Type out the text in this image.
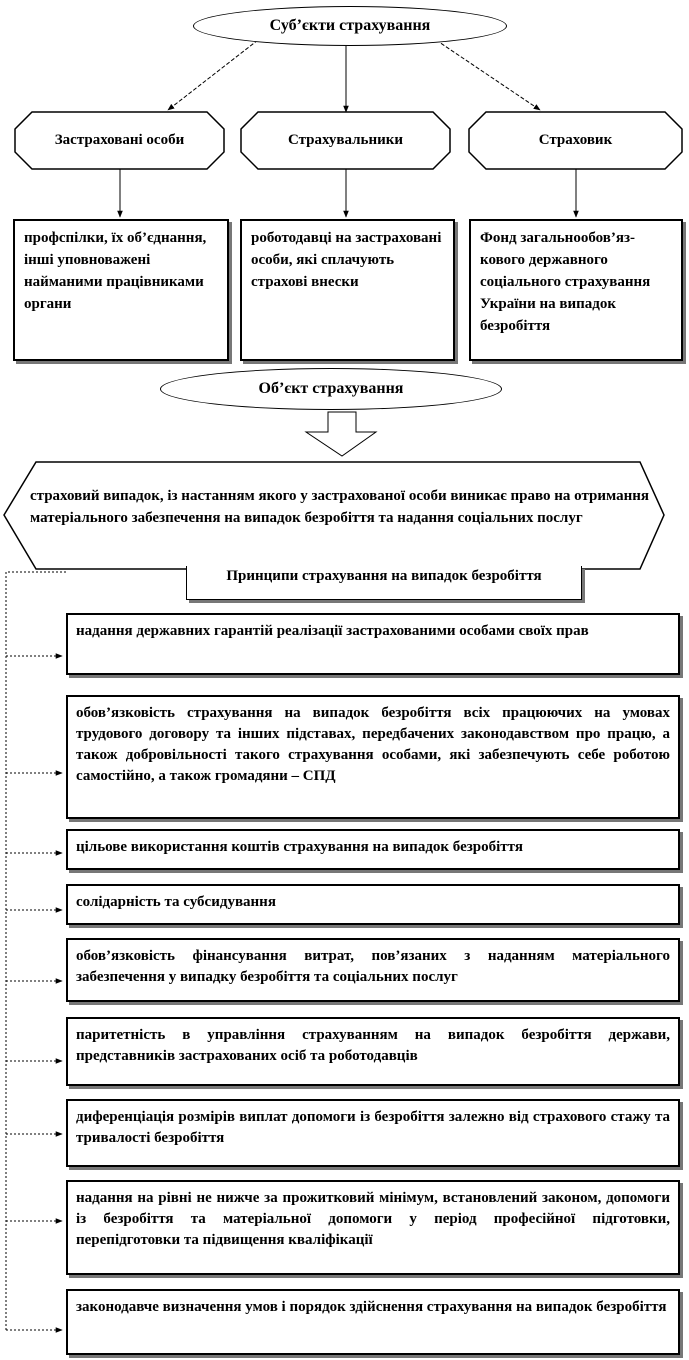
Суб’єкти страхування
Застраховані особи	Страхувальники	Страховик
профспілки, їх об’єднання, інші уповноважені найманими працівниками органи
роботодавці на застраховані особи, які сплачують страхові внески
Фонд загальнообов’яз-кового державного соціального страхування України на випадок безробіття
Об’єкт страхування
страховий випадок, із настанням якого у застрахованої особи виникає право на отримання матеріального забезпечення на випадок безробіття та надання соціальних послуг
Принципи страхування на випадок безробіття
надання державних гарантій реалізації застрахованими особами своїх прав
обов’язковість страхування на випадок безробіття всіх працюючих на умовах трудового договору та інших підставах, передбачених законодавством про працю, а також добровільності такого страхування особами, які забезпечують себе роботою самостійно, а також громадяни – СПД
цільове використання коштів страхування на випадок безробіття
солідарність та субсидування
обов’язковість фінансування витрат, пов’язаних з наданням матеріального забезпечення у випадку безробіття та соціальних послуг
паритетність в управління страхуванням на випадок безробіття держави, представників застрахованих осіб та роботодавців
диференціація розмірів виплат допомоги із безробіття залежно від страхового стажу та тривалості безробіття
надання на рівні не нижче за прожитковий мінімум, встановлений законом, допомоги із безробіття та матеріальної допомоги у період професійної підготовки, перепідготовки та підвищення кваліфікації
законодавче визначення умов і порядок здійснення страхування на випадок безробіття
